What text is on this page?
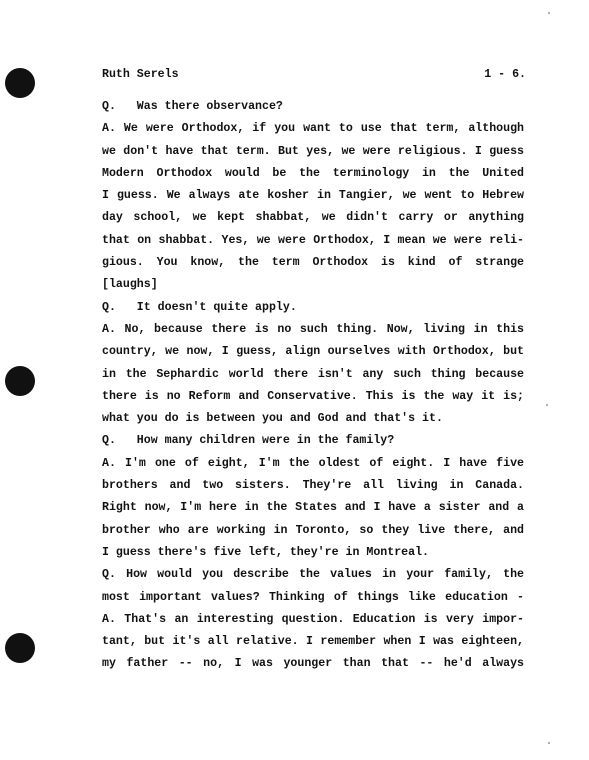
Ruth Serels	1 - 6.
Q.   Was there observance?
A. We were Orthodox, if you want to use that term, although
we don't have that term. But yes, we were religious. I guess
Modern Orthodox would be the terminology in the United
I guess. We always ate kosher in Tangier, we went to Hebrew
day school, we kept shabbat, we didn't carry or anything
that on shabbat. Yes, we were Orthodox, I mean we were reli-
gious. You know, the term Orthodox is kind of strange
[laughs]
Q.   It doesn't quite apply.
A. No, because there is no such thing. Now, living in this
country, we now, I guess, align ourselves with Orthodox, but
in the Sephardic world there isn't any such thing because
there is no Reform and Conservative. This is the way it is;
what you do is between you and God and that's it.
Q.   How many children were in the family?
A. I'm one of eight, I'm the oldest of eight. I have five
brothers and two sisters. They're all living in Canada.
Right now, I'm here in the States and I have a sister and a
brother who are working in Toronto, so they live there, and
I guess there's five left, they're in Montreal.
Q. How would you describe the values in your family, the
most important values? Thinking of things like education -
A. That's an interesting question. Education is very impor-
tant, but it's all relative. I remember when I was eighteen,
my father -- no, I was younger than that -- he'd always
